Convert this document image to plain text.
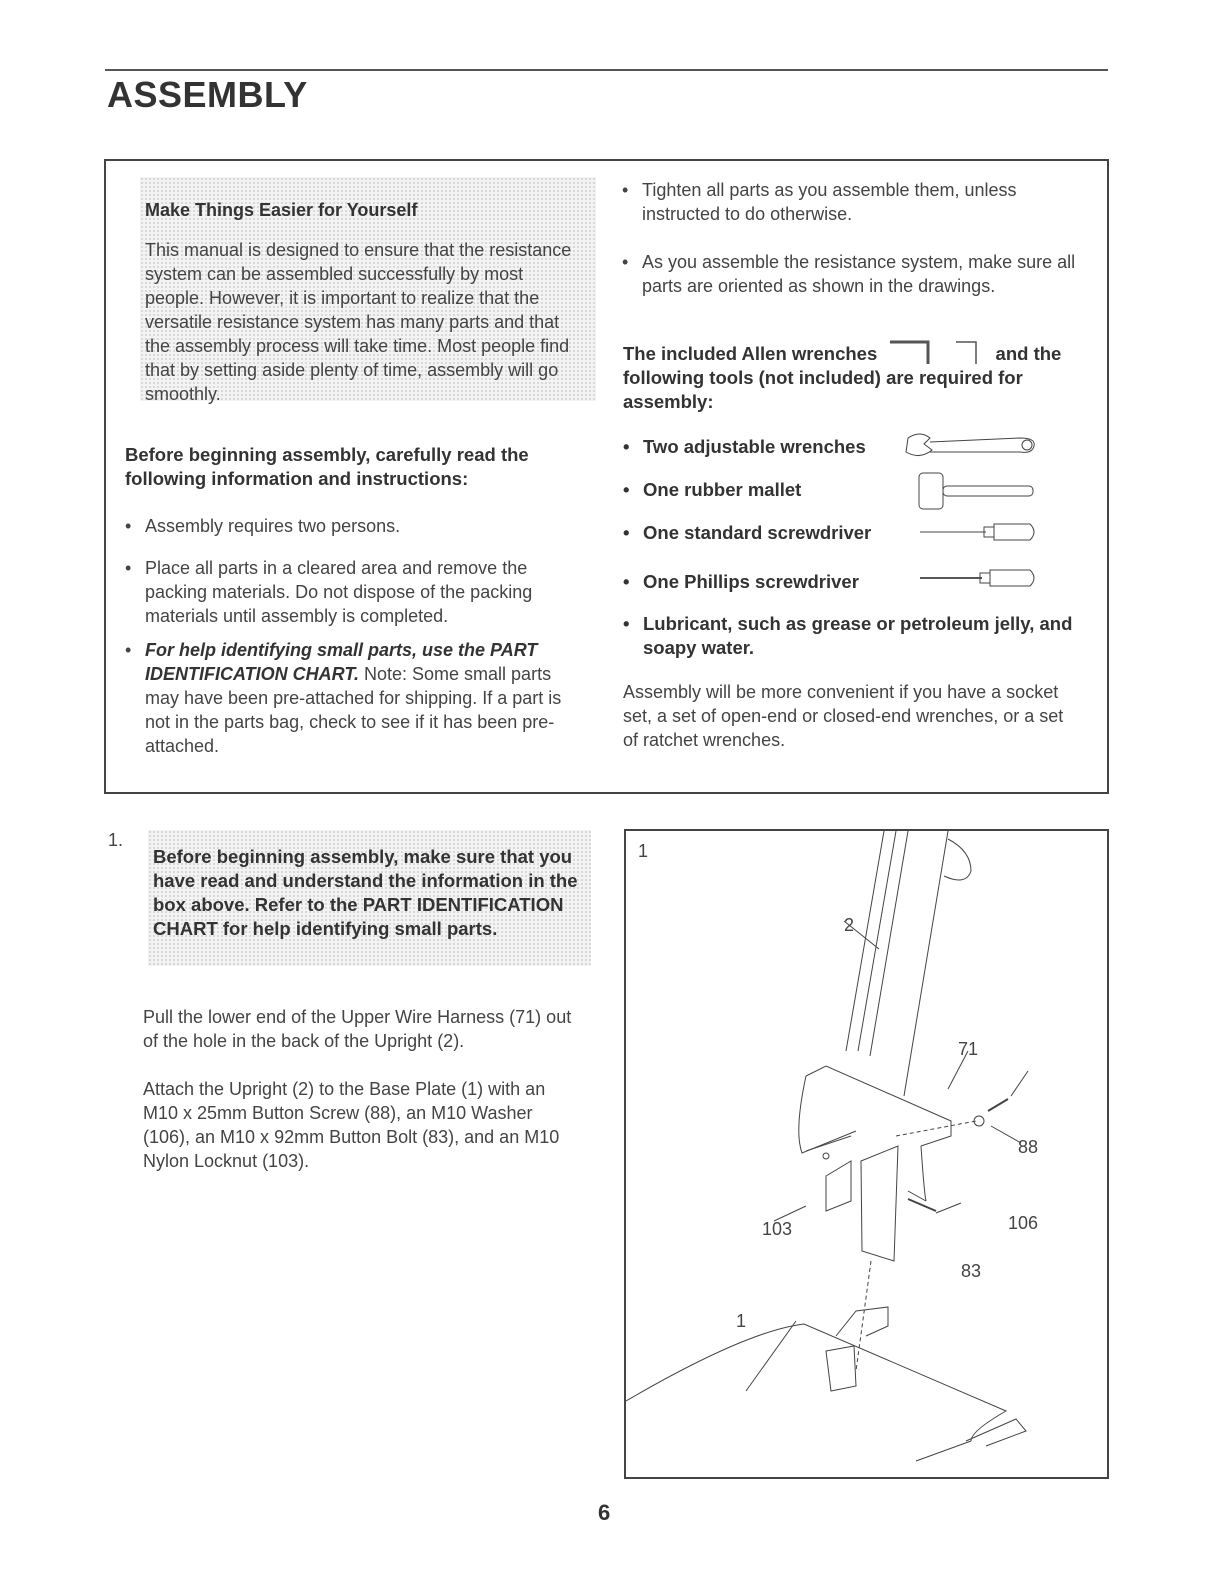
ASSEMBLY
Make Things Easier for Yourself
This manual is designed to ensure that the resistance system can be assembled successfully by most people. However, it is important to realize that the versatile resistance system has many parts and that the assembly process will take time. Most people find that by setting aside plenty of time, assembly will go smoothly.
Before beginning assembly, carefully read the following information and instructions:
• Assembly requires two persons.
• Place all parts in a cleared area and remove the packing materials. Do not dispose of the packing materials until assembly is completed.
• For help identifying small parts, use the PART IDENTIFICATION CHART. Note: Some small parts may have been pre-attached for shipping. If a part is not in the parts bag, check to see if it has been pre-attached.
• Tighten all parts as you assemble them, unless instructed to do otherwise.
• As you assemble the resistance system, make sure all parts are oriented as shown in the drawings.
The included Allen wrenches	and the following tools (not included) are required for assembly:
• Two adjustable wrenches
• One rubber mallet
• One standard screwdriver
• One Phillips screwdriver
• Lubricant, such as grease or petroleum jelly, and soapy water.
Assembly will be more convenient if you have a socket set, a set of open-end or closed-end wrenches, or a set of ratchet wrenches.
1.
Before beginning assembly, make sure that you have read and understand the information in the box above. Refer to the PART IDENTIFICATION CHART for help identifying small parts.
Pull the lower end of the Upper Wire Harness (71) out of the hole in the back of the Upright (2).
Attach the Upright (2) to the Base Plate (1) with an M10 x 25mm Button Screw (88), an M10 Washer (106), an M10 x 92mm Button Bolt (83), and an M10 Nylon Locknut (103).
1
2
71
88
106
103
83
1
6
